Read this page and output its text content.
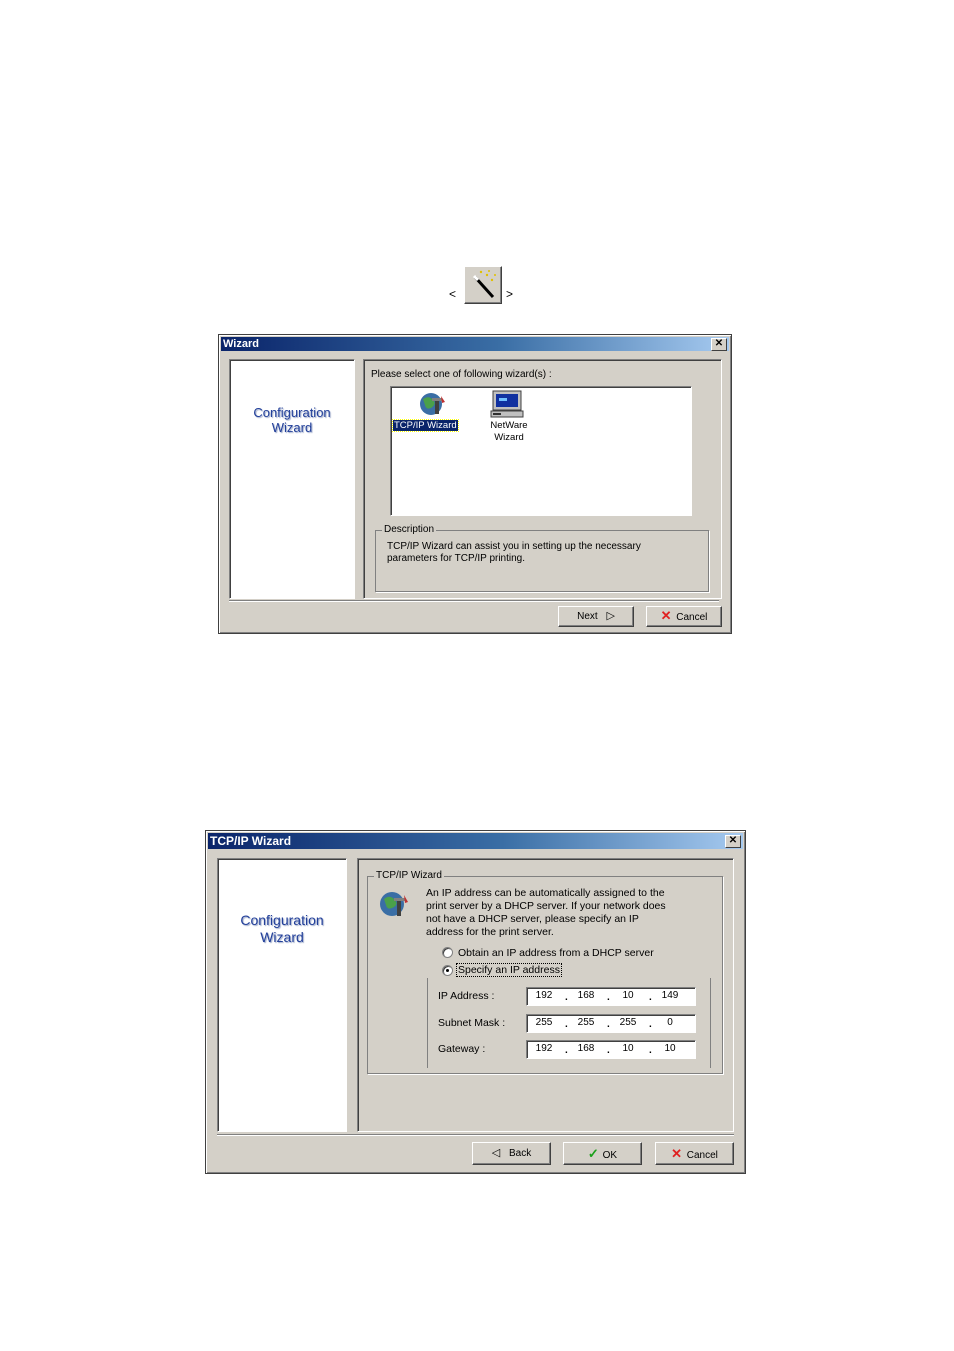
<	>
Wizard	✕
Configuration
Wizard
Please select one of following wizard(s) :
TCP/IP Wizard	NetWare
Wizard
Description
TCP/IP Wizard can assist you in setting up the necessary
parameters for TCP/IP printing.
Next ▷	✕ Cancel
TCP/IP Wizard	✕
Configuration
Wizard
TCP/IP Wizard
An IP address can be automatically assigned to the
print server by a DHCP server. If your network does
not have a DHCP server, please specify an IP
address for the print server.
Obtain an IP address from a DHCP server
Specify an IP address
IP Address :	192	. 168	.	10	. 149
Subnet Mask :	255	. 255	. 255	.	0
Gateway :	192	. 168	.	10	.	10
◁ Back	✓ OK	✕ Cancel
